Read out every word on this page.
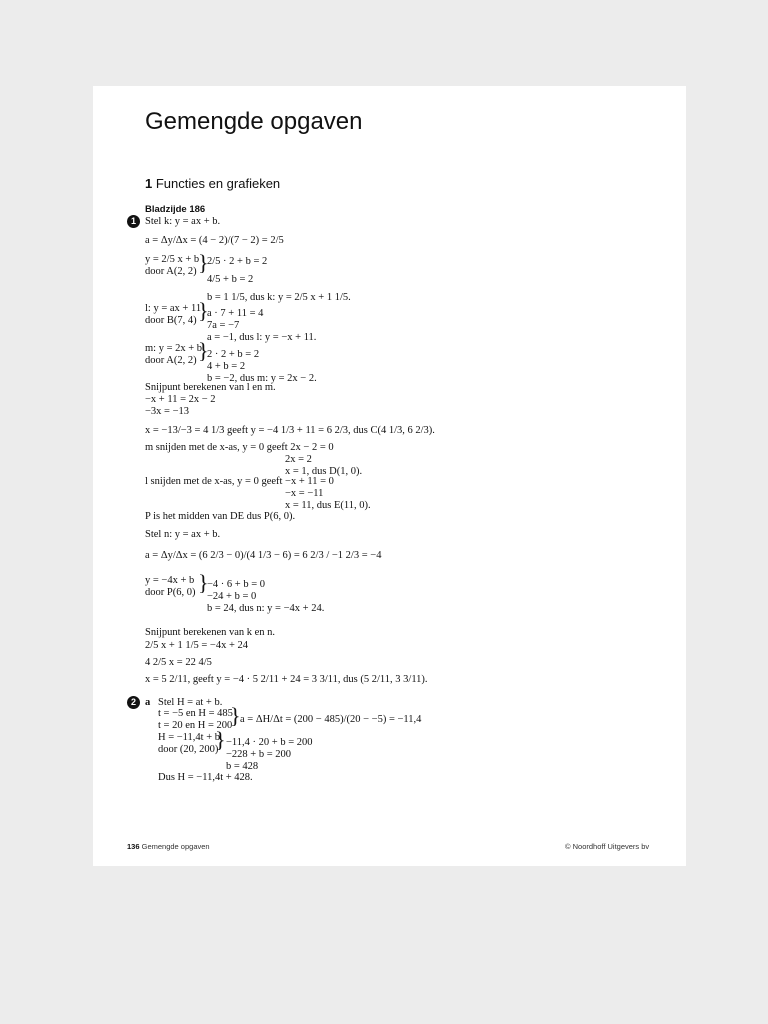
Gemengde opgaven
1 Functies en grafieken
Bladzijde 186
1 Stel k: y = ax + b.
a = Δy/Δx = (4 − 2)/(7 − 2) = 2/5
y = 2/5 x + b
door A(2, 2) }
2/5 · 2 + b = 2
4/5 + b = 2
b = 1 1/5, dus k: y = 2/5 x + 1 1/5.
l: y = ax + 11
door B(7, 4) }
a · 7 + 11 = 4
7a = −7
a = −1, dus l: y = −x + 11.
m: y = 2x + b
door A(2, 2) }
2 · 2 + b = 2
4 + b = 2
b = −2, dus m: y = 2x − 2.
Snijpunt berekenen van l en m.
−x + 11 = 2x − 2
−3x = −13
x = −13/−3 = 4 1/3 geeft y = −4 1/3 + 11 = 6 2/3, dus C(4 1/3, 6 2/3).
m snijden met de x-as, y = 0 geeft 2x − 2 = 0
2x = 2
x = 1, dus D(1, 0).
l snijden met de x-as, y = 0 geeft −x + 11 = 0
−x = −11
x = 11, dus E(11, 0).
P is het midden van DE dus P(6, 0).
Stel n: y = ax + b.
a = Δy/Δx = (6 2/3 − 0)/(4 1/3 − 6) = 6 2/3 / −1 2/3 = −4
y = −4x + b
door P(6, 0) }
−4 · 6 + b = 0
−24 + b = 0
b = 24, dus n: y = −4x + 24.
Snijpunt berekenen van k en n.
2/5 x + 1 1/5 = −4x + 24
4 2/5 x = 22 4/5
x = 5 2/11, geeft y = −4 · 5 2/11 + 24 = 3 3/11, dus (5 2/11, 3 3/11).
2 a Stel H = at + b.
t = −5 en H = 485
t = 20 en H = 200
} a = ΔH/Δt = (200 − 485)/(20 − −5) = −11,4
H = −11,4t + b
door (20, 200)
} −11,4 · 20 + b = 200
−228 + b = 200
b = 428
Dus H = −11,4t + 428.
136 Gemengde opgaven	© Noordhoff Uitgevers bv
